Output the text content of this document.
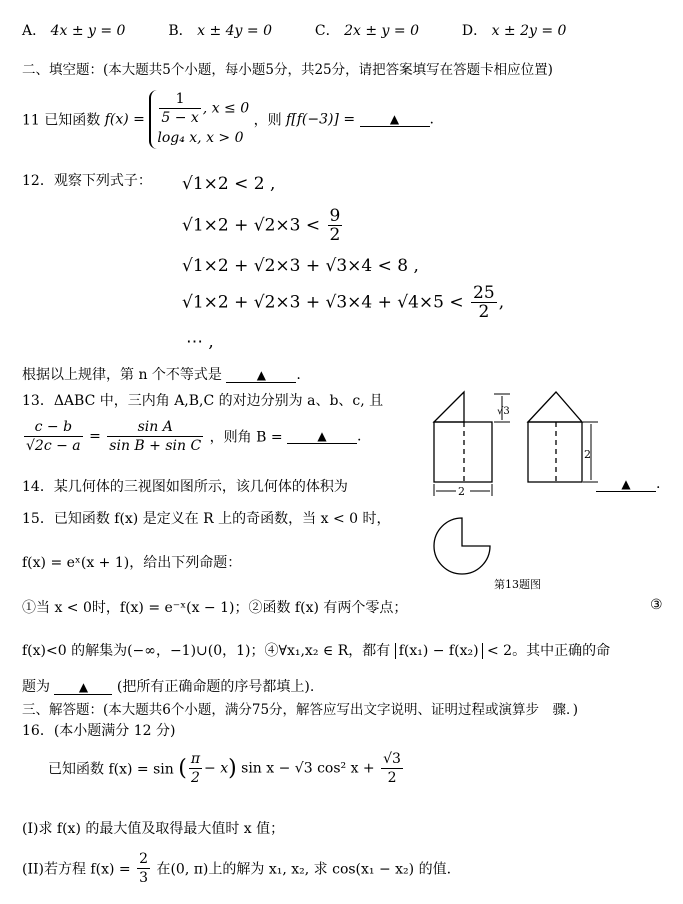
A． 4x ± y = 0	B． x ± 4y = 0	C． 2x ± y = 0	D． x ± 2y = 0
二、填空题：(本大题共5个小题，每小题5分，共25分，请把答案填写在答题卡相应位置)
11 已知函数 $f(x) = \frac{1}{5 - x}$ , x ≤ 0
log₄ x, x > 0 ，则 f[f(−3)] =	▲ .
12．观察下列式子： √1×2 < 2 ,
$√1\times 2 + √2\times 3 < \frac{9}{2}$
√1×2 + √2×3 + √3×4 < 8 ,
$√1\times 2 + √2\times 3 + √3\times 4 + √4\times 5 < \frac{25}{2}$ ,
⋯ ,
根据以上规律，第 n 个不等式是	▲ .
13．ΔABC 中，三内角 A,B,C 的对边分别为 a、b、c, 且
$\frac{c - b}{√2c - a} = \frac{\text{sin A}}{\text{sin B + sin C}}$ ，则角 B =	▲ .
14．某几何体的三视图如图所示，该几何体的体积为	▲ .
√3
2
2
第13题图
15．已知函数 f(x) 是定义在 R 上的奇函数，当 x < 0 时，
f(x) = eˣ(x + 1)，给出下列命题：
①当 x < 0时，f(x) = e⁻ˣ(x − 1)；②函数 f(x) 有两个零点；	③
f(x)<0 的解集为(−∞，−1)∪(0，1)；④∀x₁,x₂ ∈ R，都有 f(x₁) − f(x₂) < 2。其中正确的命
题为 ▲ (把所有正确命题的序号都填上).
三、解答题：(本大题共6个小题，满分75分，解答应写出文字说明、证明过程或演算步　骤．)
16．(本小题满分 12 分)
已知函数 f(x) = sin ( $\frac{\pi}{2} - x$) sin x − √3 cos² $x + \frac{√3}{2}$
(I)求 f(x) 的最大值及取得最大值时 x 值；
(II)若方程 $f(x) = \frac{2}{3}$ 在(0, π)上的解为 x₁, x₂, 求 cos(x₁ − x₂) 的值.
